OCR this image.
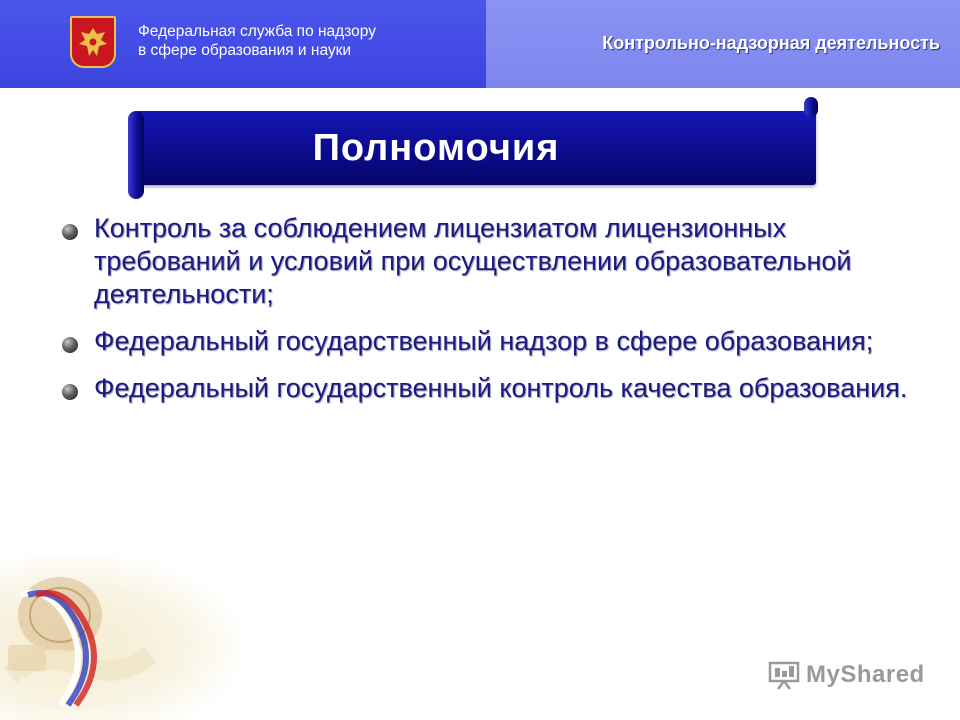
Федеральная служба по надзору
в сфере образования и науки	Контрольно-надзорная деятельность
Полномочия
Контроль за соблюдением лицензиатом лицензионных требований и условий при осуществлении образовательной деятельности;
Федеральный государственный надзор в сфере образования;
Федеральный государственный контроль качества образования.
MyShared
